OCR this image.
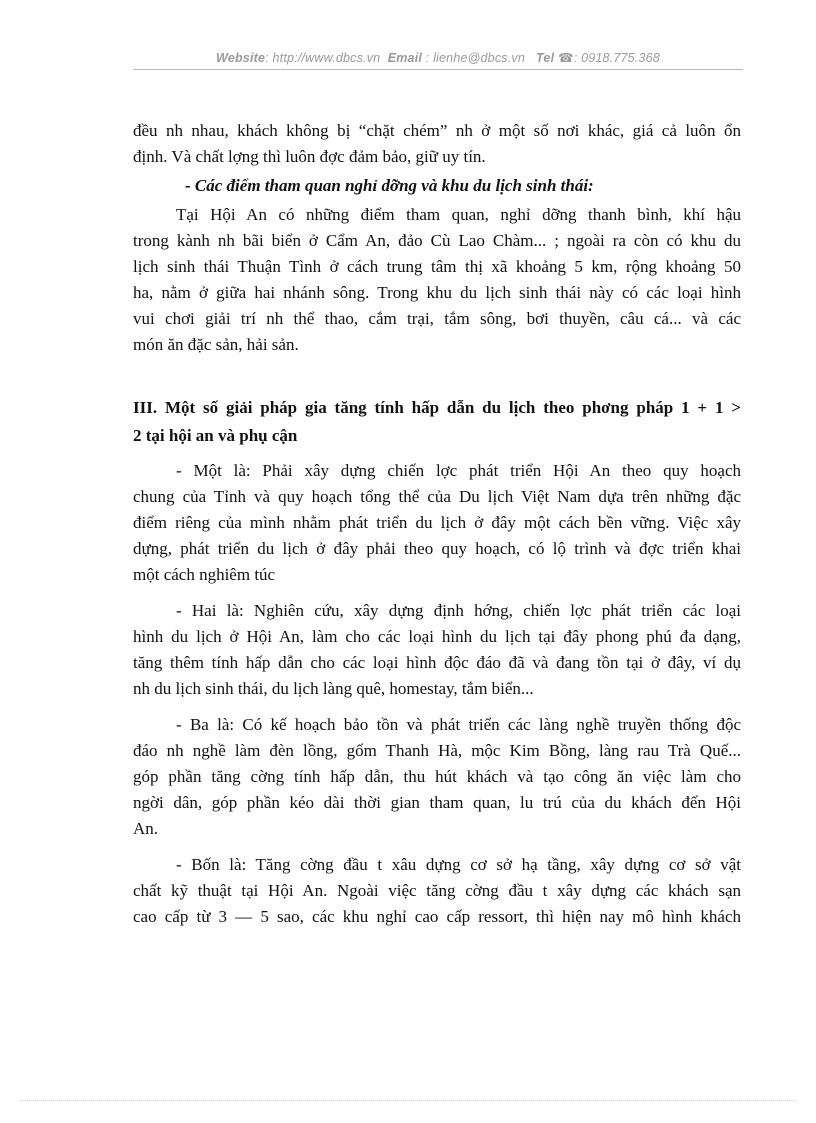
Website: http://www.dbcs.vn Email : lienhe@dbcs.vn Tel ☎: 0918.775.368

đều nh nhau, khách không bị “chặt chém” nh ở một số nơi khác, giá cả luôn ổn
định. Và chất lợng thì luôn đợc đảm bảo, giữ uy tín.

- Các điểm tham quan nghỉ dỡng và khu du lịch sinh thái:

Tại Hội An có những điểm tham quan, nghỉ dỡng thanh bình, khí hậu
trong kành nh bãi biển ở Cẩm An, đảo Cù Lao Chàm... ; ngoài ra còn có khu du
lịch sinh thái Thuận Tình ở cách trung tâm thị xã khoảng 5 km, rộng khoảng 50
ha, nằm ở giữa hai nhánh sông. Trong khu du lịch sinh thái này có các loại hình
vui chơi giải trí nh thể thao, cắm trại, tắm sông, bơi thuyền, câu cá... và các
món ăn đặc sản, hải sản.

III. Một số giải pháp gia tăng tính hấp dẫn du lịch theo phơng pháp 1 + 1 >
2 tại hội an và phụ cận

- Một là: Phải xây dựng chiến lợc phát triển Hội An theo quy hoạch
chung của Tỉnh và quy hoạch tổng thể của Du lịch Việt Nam dựa trên những đặc
điểm riêng của mình nhằm phát triển du lịch ở đây một cách bền vững. Việc xây
dựng, phát triển du lịch ở đây phải theo quy hoạch, có lộ trình và đợc triển khai
một cách nghiêm túc

- Hai là: Nghiên cứu, xây dựng định hớng, chiến lợc phát triển các loại
hình du lịch ở Hội An, làm cho các loại hình du lịch tại đây phong phú đa dạng,
tăng thêm tính hấp dẫn cho các loại hình độc đáo đã và đang tồn tại ở đây, ví dụ
nh du lịch sinh thái, du lịch làng quê, homestay, tắm biển...

- Ba là: Có kế hoạch bảo tồn và phát triển các làng nghề truyền thống độc
đáo nh nghề làm đèn lồng, gốm Thanh Hà, mộc Kim Bồng, làng rau Trà Quế...
góp phần tăng cờng tính hấp dẫn, thu hút khách và tạo công ăn việc làm cho
ngời dân, góp phần kéo dài thời gian tham quan, lu trú của du khách đến Hội
An.

- Bốn là: Tăng cờng đầu t xâu dựng cơ sở hạ tầng, xây dựng cơ sở vật
chất kỹ thuật tại Hội An. Ngoài việc tăng cờng đầu t xây dựng các khách sạn
cao cấp từ 3 — 5 sao, các khu nghỉ cao cấp ressort, thì hiện nay mô hình khách
